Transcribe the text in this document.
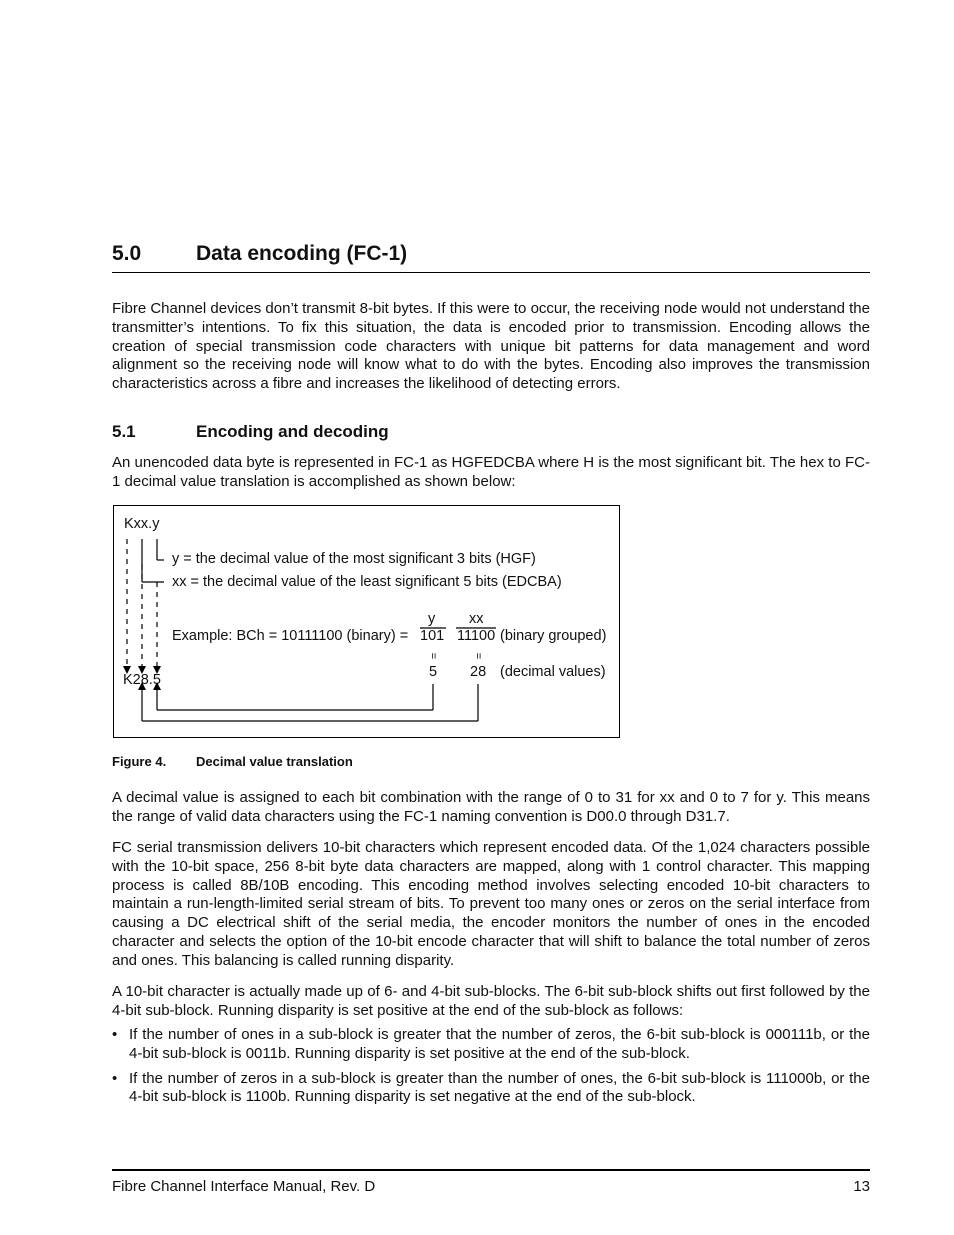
5.0	Data encoding (FC-1)
Fibre Channel devices don’t transmit 8-bit bytes. If this were to occur, the receiving node would not understand the transmitter’s intentions. To fix this situation, the data is encoded prior to transmission. Encoding allows the creation of special transmission code characters with unique bit patterns for data management and word alignment so the receiving node will know what to do with the bytes. Encoding also improves the transmission characteristics across a fibre and increases the likelihood of detecting errors.
5.1	Encoding and decoding
An unencoded data byte is represented in FC-1 as HGFEDCBA where H is the most significant bit. The hex to FC-1 decimal value translation is accomplished as shown below:
Kxx.y
y = the decimal value of the most significant 3 bits (HGF)
xx = the decimal value of the least significant 5 bits (EDCBA)
y xx
Example: BCh = 10111100 (binary) = 101 11100 (binary grouped)
=	=
5 28 (decimal values)
K28.5
Figure 4. Decimal value translation
A decimal value is assigned to each bit combination with the range of 0 to 31 for xx and 0 to 7 for y. This means the range of valid data characters using the FC-1 naming convention is D00.0 through D31.7.
FC serial transmission delivers 10-bit characters which represent encoded data. Of the 1,024 characters possible with the 10-bit space, 256 8-bit byte data characters are mapped, along with 1 control character. This mapping process is called 8B/10B encoding. This encoding method involves selecting encoded 10-bit characters to maintain a run-length-limited serial stream of bits. To prevent too many ones or zeros on the serial interface from causing a DC electrical shift of the serial media, the encoder monitors the number of ones in the encoded character and selects the option of the 10-bit encode character that will shift to balance the total number of zeros and ones. This balancing is called running disparity.
A 10-bit character is actually made up of 6- and 4-bit sub-blocks. The 6-bit sub-block shifts out first followed by the 4-bit sub-block. Running disparity is set positive at the end of the sub-block as follows:
• If the number of ones in a sub-block is greater that the number of zeros, the 6-bit sub-block is 000111b, or the 4-bit sub-block is 0011b. Running disparity is set positive at the end of the sub-block.
• If the number of zeros in a sub-block is greater than the number of ones, the 6-bit sub-block is 111000b, or the 4-bit sub-block is 1100b. Running disparity is set negative at the end of the sub-block.
Fibre Channel Interface Manual, Rev. D	13
